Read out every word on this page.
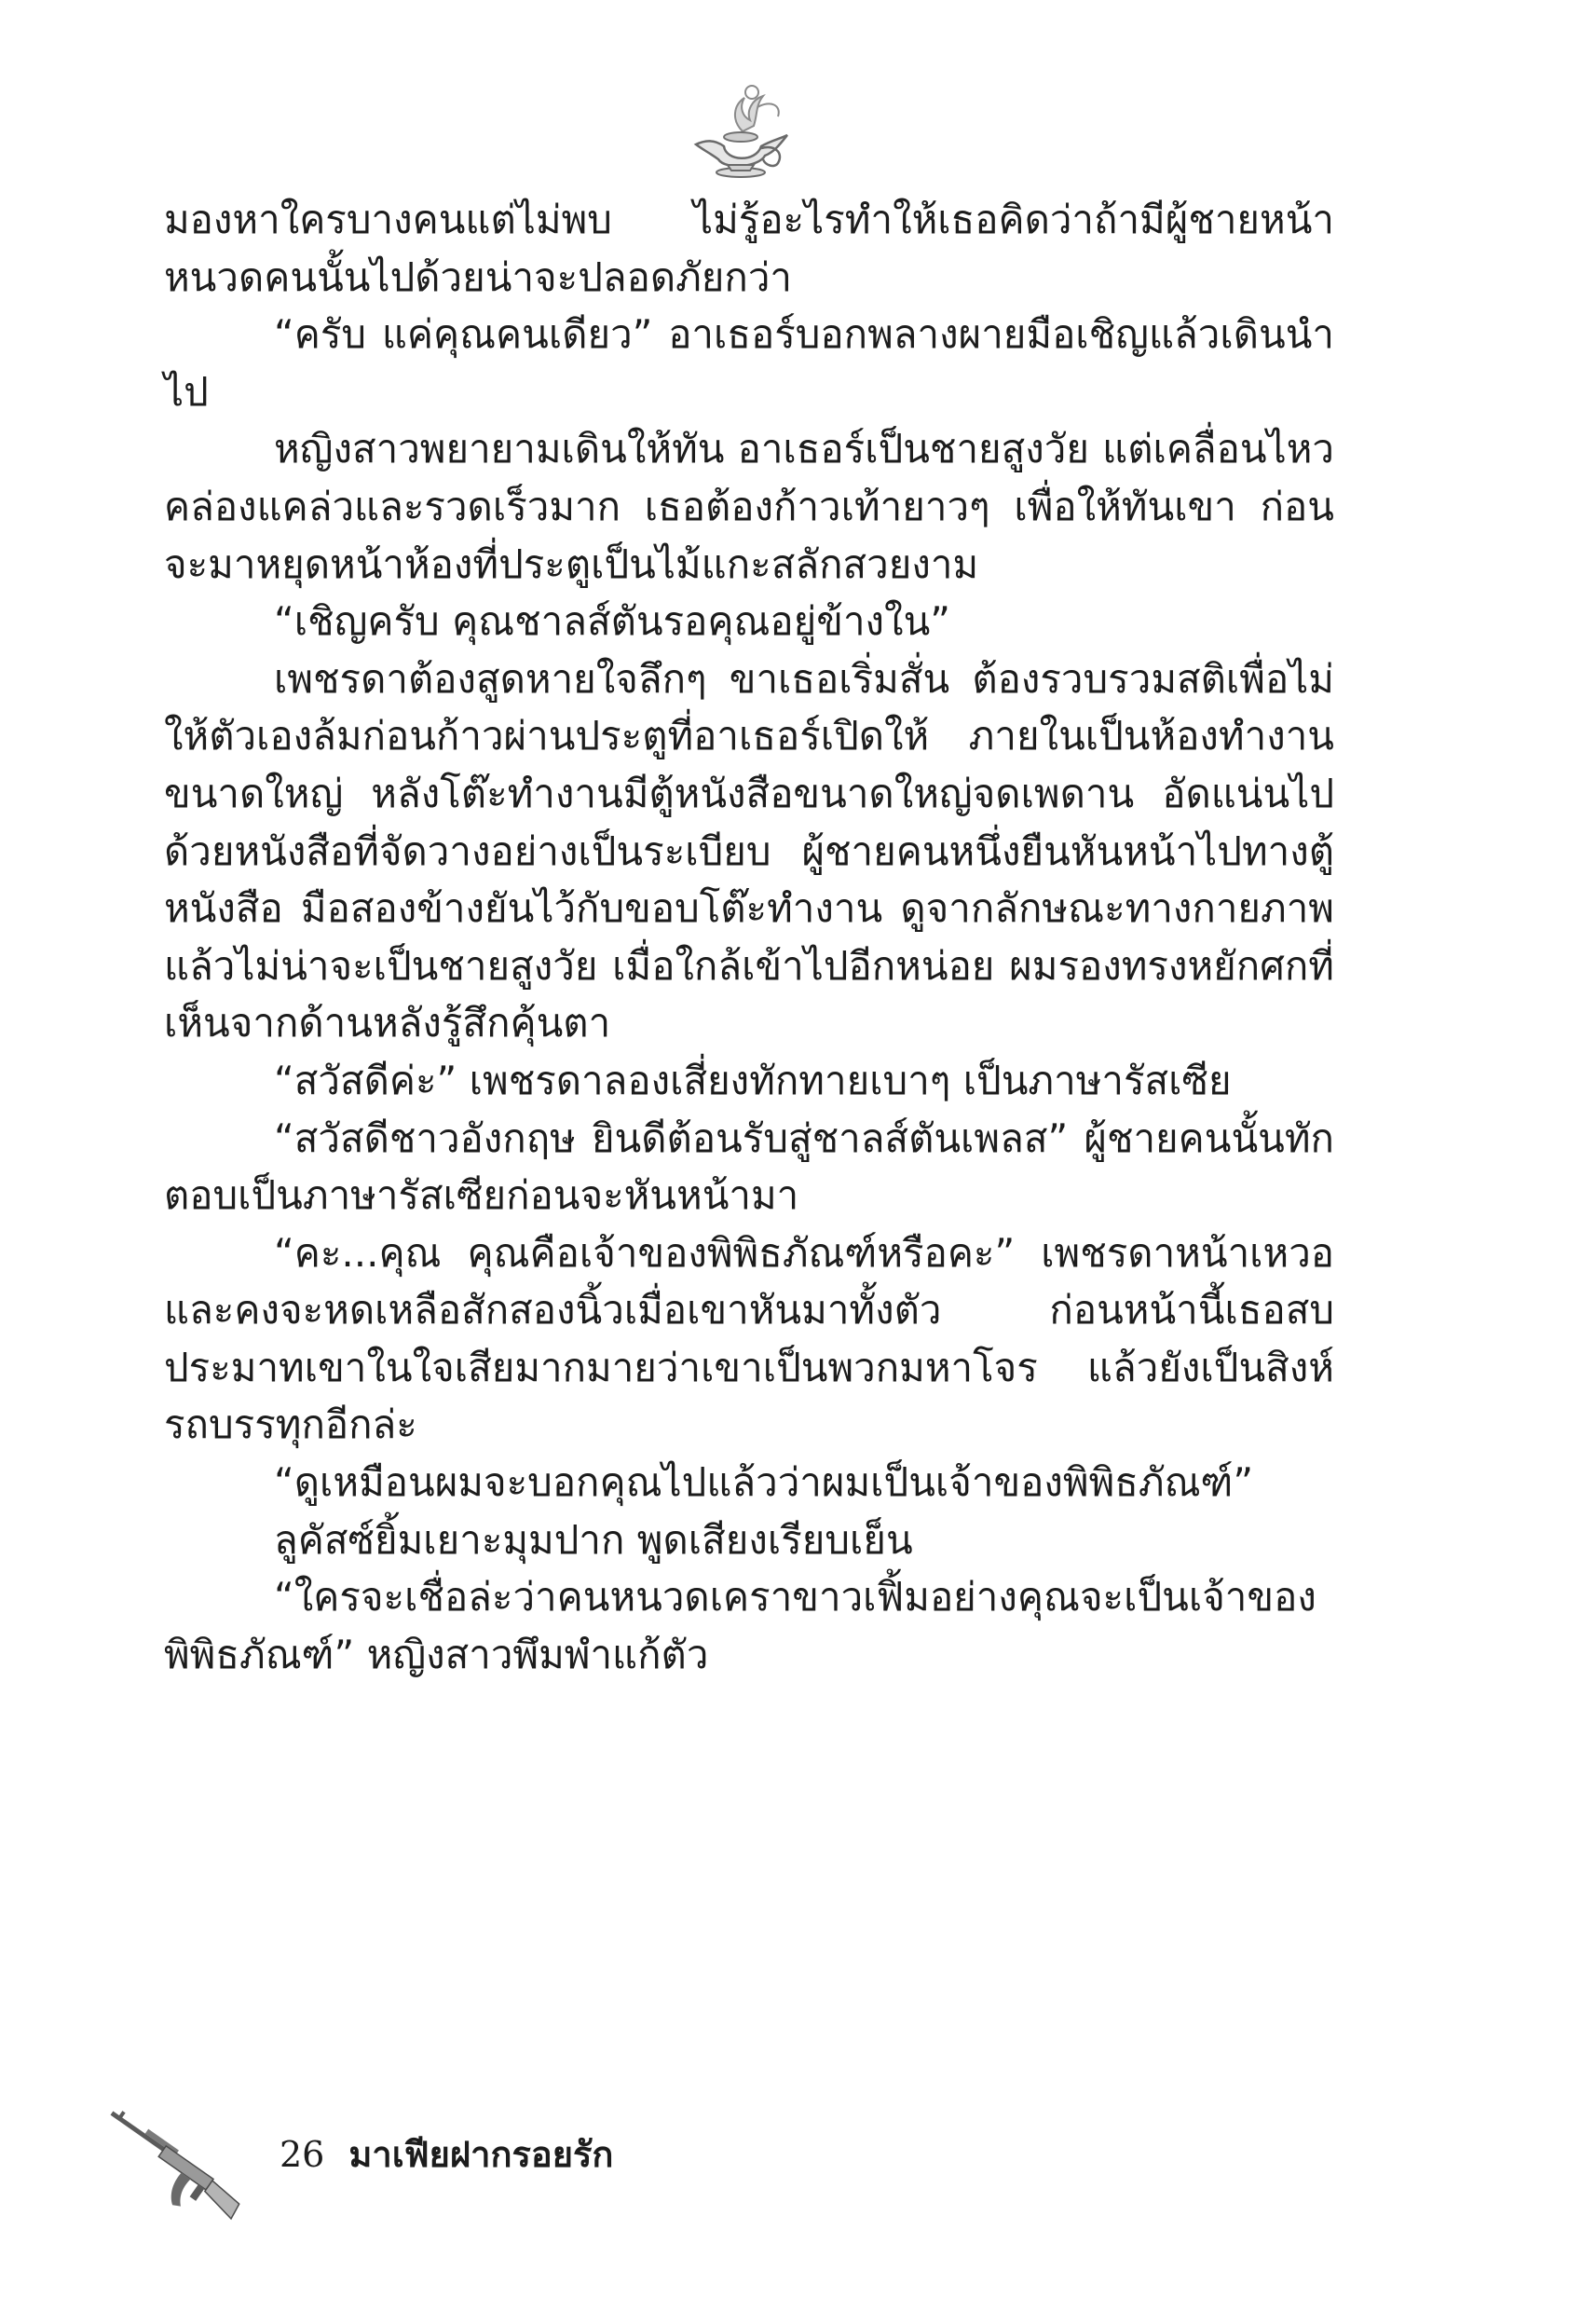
มองหาใครบางคนแต่ไม่พบ ไม่รู้อะไรทำให้เธอคิดว่าถ้ามีผู้ชายหน้าหนวดคนนั้นไปด้วยน่าจะปลอดภัยกว่า

“ครับ แค่คุณคนเดียว” อาเธอร์บอกพลางผายมือเชิญแล้วเดินนำไป

หญิงสาวพยายามเดินให้ทัน อาเธอร์เป็นชายสูงวัย แต่เคลื่อนไหวคล่องแคล่วและรวดเร็วมาก เธอต้องก้าวเท้ายาวๆ เพื่อให้ทันเขา ก่อนจะมาหยุดหน้าห้องที่ประตูเป็นไม้แกะสลักสวยงาม

“เชิญครับ คุณชาลส์ตันรอคุณอยู่ข้างใน”

เพชรดาต้องสูดหายใจลึกๆ ขาเธอเริ่มสั่น ต้องรวบรวมสติเพื่อไม่ให้ตัวเองล้มก่อนก้าวผ่านประตูที่อาเธอร์เปิดให้ ภายในเป็นห้องทำงานขนาดใหญ่ หลังโต๊ะทำงานมีตู้หนังสือขนาดใหญ่จดเพดาน อัดแน่นไปด้วยหนังสือที่จัดวางอย่างเป็นระเบียบ ผู้ชายคนหนึ่งยืนหันหน้าไปทางตู้หนังสือ มือสองข้างยันไว้กับขอบโต๊ะทำงาน ดูจากลักษณะทางกายภาพแล้วไม่น่าจะเป็นชายสูงวัย เมื่อใกล้เข้าไปอีกหน่อย ผมรองทรงหยักศกที่เห็นจากด้านหลังรู้สึกคุ้นตา

“สวัสดีค่ะ” เพชรดาลองเสี่ยงทักทายเบาๆ เป็นภาษารัสเซีย

“สวัสดีชาวอังกฤษ ยินดีต้อนรับสู่ชาลส์ตันเพลส” ผู้ชายคนนั้นทักตอบเป็นภาษารัสเซียก่อนจะหันหน้ามา

“คะ...คุณ คุณคือเจ้าของพิพิธภัณฑ์หรือคะ” เพชรดาหน้าเหวอและคงจะหดเหลือสักสองนิ้วเมื่อเขาหันมาทั้งตัว ก่อนหน้านี้เธอสบประมาทเขาในใจเสียมากมายว่าเขาเป็นพวกมหาโจร แล้วยังเป็นสิงห์รถบรรทุกอีกล่ะ

“ดูเหมือนผมจะบอกคุณไปแล้วว่าผมเป็นเจ้าของพิพิธภัณฑ์”

ลูคัสซ์ยิ้มเยาะมุมปาก พูดเสียงเรียบเย็น

“ใครจะเชื่อล่ะว่าคนหนวดเคราขาวเฟิ้มอย่างคุณจะเป็นเจ้าของพิพิธภัณฑ์” หญิงสาวพึมพำแก้ตัว

26 มาเฟียฝากรอยรัก
